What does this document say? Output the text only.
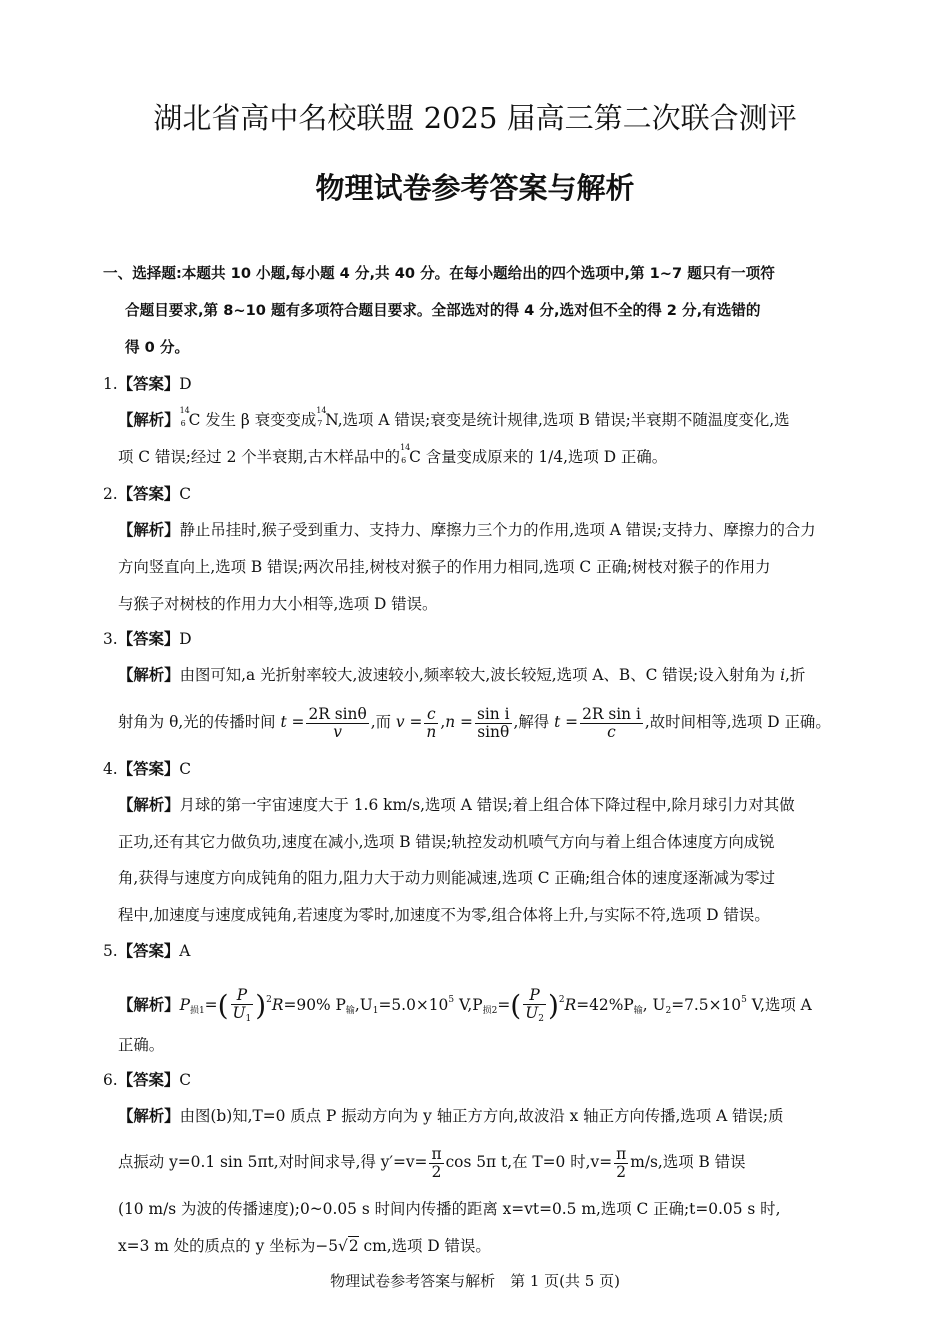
湖北省高中名校联盟 2025 届高三第二次联合测评
物理试卷参考答案与解析
一、选择题:本题共 10 小题,每小题 4 分,共 40 分。在每小题给出的四个选项中,第 1~7 题只有一项符
合题目要求,第 8~10 题有多项符合题目要求。全部选对的得 4 分,选对但不全的得 2 分,有选错的
得 0 分。
1.【答案】D
【解析】
14
6 C 发生 β 衰变变成
14
7 N,选项 A 错误;衰变是统计规律,选项 B 错误;半衰期不随温度变化,选
项 C 错误;经过 2 个半衰期,古木样品中的
14
6 C 含量变成原来的 1/4,选项 D 正确。
2.【答案】C
【解析】静止吊挂时,猴子受到重力、支持力、摩擦力三个力的作用,选项 A 错误;支持力、摩擦力的合力
方向竖直向上,选项 B 错误;两次吊挂,树枝对猴子的作用力相同,选项 C 正确;树枝对猴子的作用力
与猴子对树枝的作用力大小相等,选项 D 错误。
3.【答案】D
【解析】由图可知,a 光折射率较大,波速较小,频率较大,波长较短,选项 A、B、C 错误;设入射角为 i,折
射角为 θ,光的传播时间 $t = \frac{\text{2R sinθ}}{v}$ ,而 $v = \frac{c}{n} ,n = \frac{\text{sin i}}{\sin\theta}$ ,解得 $t = \frac{\text{2R sin i}}{c}$ ,故时间相等,选项 D 正确。
4.【答案】C
【解析】月球的第一宇宙速度大于 1.6 km/s,选项 A 错误;着上组合体下降过程中,除月球引力对其做
正功,还有其它力做负功,速度在减小,选项 B 错误;轨控发动机喷气方向与着上组合体速度方向成锐
角,获得与速度方向成钝角的阻力,阻力大于动力则能减速,选项 C 正确;组合体的速度逐渐减为零过
程中,加速度与速度成钝角,若速度为零时,加速度不为零,组合体将上升,与实际不符,选项 D 错误。
5.【答案】A
【解析】$P_{损1}=( \frac{P}{U_1} )^2R=90\%$ $P_输,U_1=5.0\times 10^5$ $V,P_{损2}=( \frac{P}{U_2} )^2R=42\%P_输$, $U_2=7.5\times 10^5$ V,选项 A
正确。
6.【答案】C
【解析】由图(b)知,T=0 质点 P 振动方向为 y 轴正方方向,故波沿 x 轴正方向传播,选项 A 错误;质
点振动 y=0.1 sin 5πt,对时间求导,得 $y'=v= \frac{\pi}{2}$ cos 5π t,在 T=0 时$,v= \frac{\pi}{2} m/s$,选项 B 错误
(10 m/s 为波的传播速度);0~0.05 s 时间内传播的距离 x=vt=0.5 m,选项 C 正确;t=0.05 s 时,
x=3 m 处的质点的 y 坐标为−5√2 cm,选项 D 错误。
物理试卷参考答案与解析　第 1 页(共 5 页)
